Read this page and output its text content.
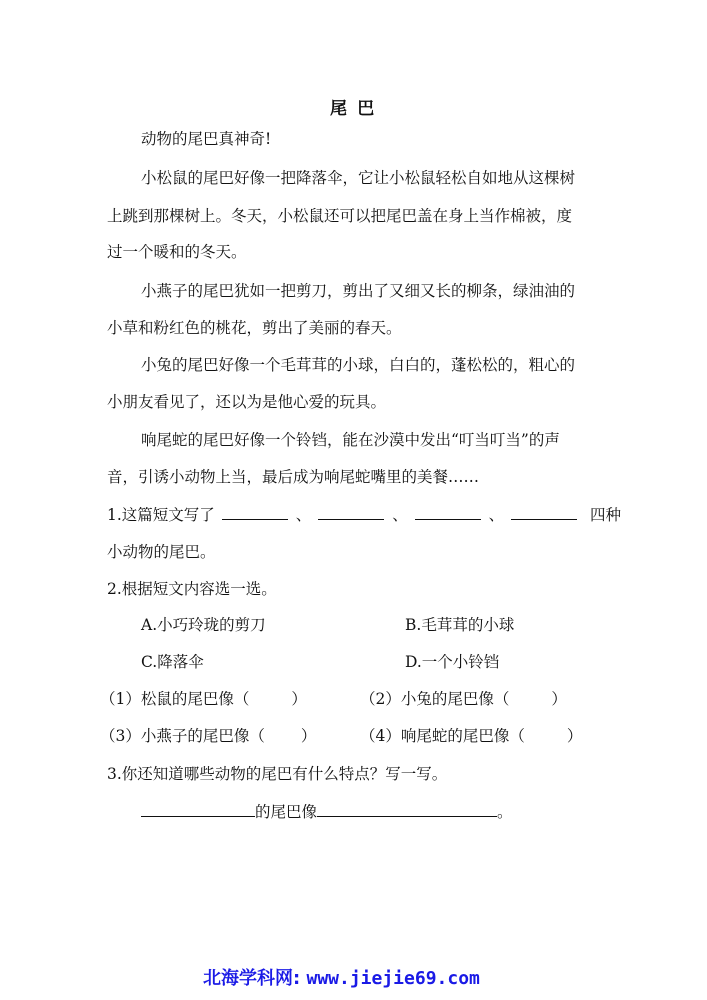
尾巴
动物的尾巴真神奇!
小松鼠的尾巴好像一把降落伞，它让小松鼠轻松自如地从这棵树
上跳到那棵树上。冬天，小松鼠还可以把尾巴盖在身上当作棉被，度
过一个暖和的冬天。
小燕子的尾巴犹如一把剪刀，剪出了又细又长的柳条，绿油油的
小草和粉红色的桃花，剪出了美丽的春天。
小兔的尾巴好像一个毛茸茸的小球，白白的，蓬松松的，粗心的
小朋友看见了，还以为是他心爱的玩具。
响尾蛇的尾巴好像一个铃铛，能在沙漠中发出“叮当叮当”的声
音，引诱小动物上当，最后成为响尾蛇嘴里的美餐……
1.这篇短文写了	、	、	、	四种
小动物的尾巴。
2.根据短文内容选一选。
A.小巧玲珑的剪刀	B.毛茸茸的小球
C.降落伞	D.一个小铃铛
（1）松鼠的尾巴像（	）	（2）小兔的尾巴像（	）
（3）小燕子的尾巴像（ ）	（4）响尾蛇的尾巴像（	）
3.你还知道哪些动物的尾巴有什么特点？写一写。
的尾巴像	。
北海学科网: www.jiejie69.com
